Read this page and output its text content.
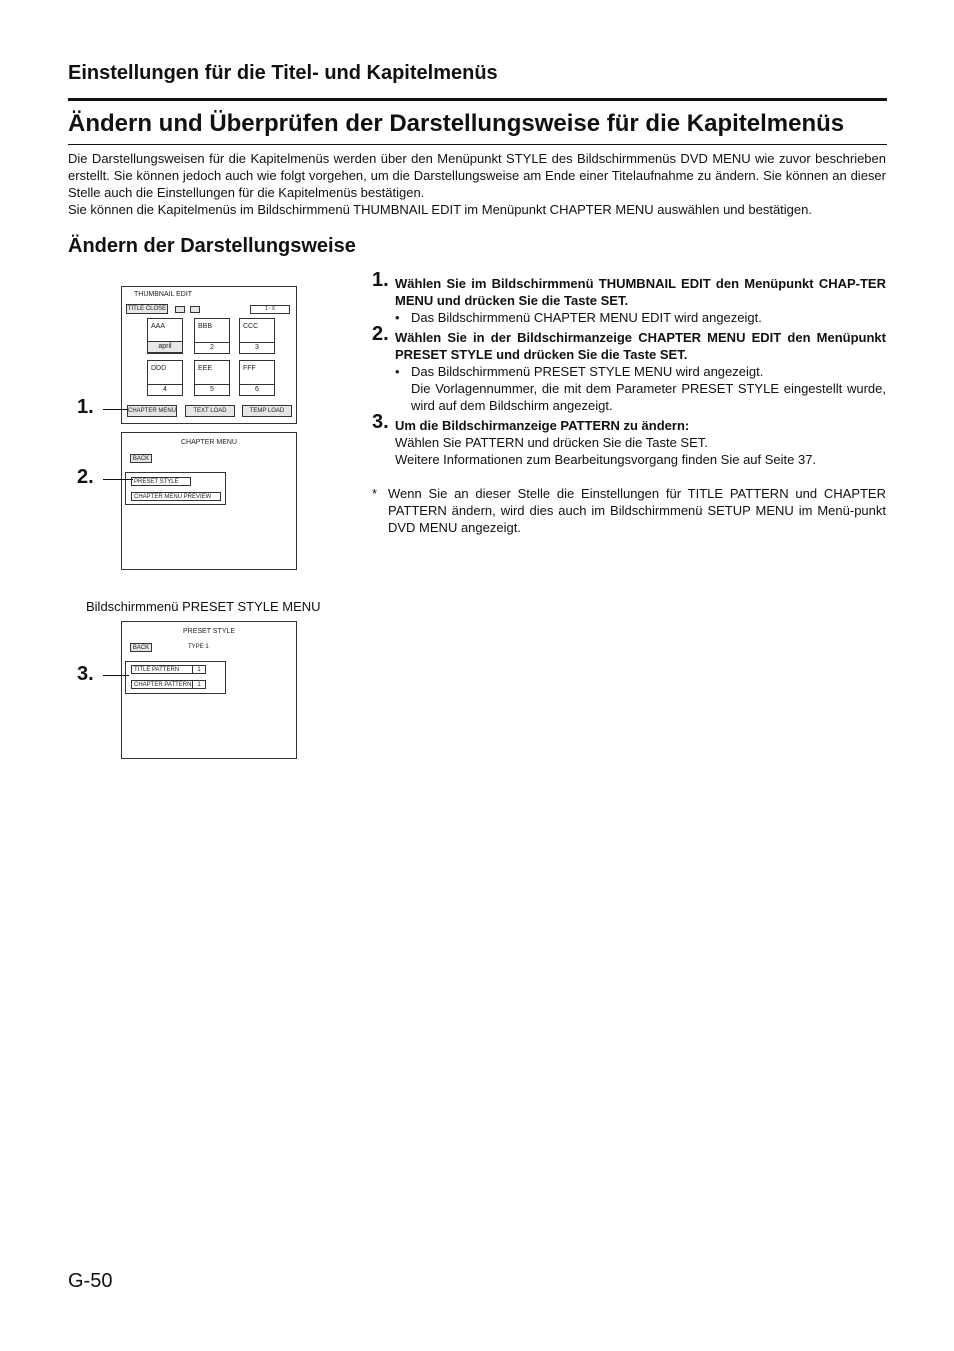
Einstellungen für die Titel- und Kapitelmenüs
Ändern und Überprüfen der Darstellungsweise für die Kapitelmenüs

Die Darstellungsweisen für die Kapitelmenüs werden über den Menüpunkt STYLE des Bildschirmmenüs DVD MENU wie zuvor beschrieben erstellt. Sie können jedoch auch wie folgt vorgehen, um die Darstellungsweise am Ende einer Titelaufnahme zu ändern. Sie können an dieser Stelle auch die Einstellungen für die Kapitelmenüs bestätigen.

Sie können die Kapitelmenüs im Bildschirmmenü THUMBNAIL EDIT im Menüpunkt CHAPTER MENU auswählen und bestätigen.

Ändern der Darstellungsweise
THUMBNAIL EDIT
TITLE CLOSE	1 - 6
AAA
april
BBB
2
CCC
3
DDD
4
EEE
5
FFF
6
CHAPTER MENU	TEXT LOAD	TEMP LOAD
CHAPTER MENU
BACK
PRESET STYLE
CHAPTER MENU PREVIEW
Bildschirmmenü PRESET STYLE MENU
PRESET STYLE
BACK	TYPE 1
TITLE PATTERN	1
CHAPTER PATTERN 1
1.
2.
3.
1. Wählen Sie im Bildschirmmenü THUMBNAIL EDIT den Menüpunkt CHAP-TER MENU und drücken Sie die Taste SET.
• Das Bildschirmmenü CHAPTER MENU EDIT wird angezeigt.
2. Wählen Sie in der Bildschirmanzeige CHAPTER MENU EDIT den Menüpunkt PRESET STYLE und drücken Sie die Taste SET.
• Das Bildschirmmenü PRESET STYLE MENU wird angezeigt.
Die Vorlagennummer, die mit dem Parameter PRESET STYLE eingestellt wurde, wird auf dem Bildschirm angezeigt.
3. Um die Bildschirmanzeige PATTERN zu ändern:
Wählen Sie PATTERN und drücken Sie die Taste SET.
Weitere Informationen zum Bearbeitungsvorgang finden Sie auf Seite 37.
* Wenn Sie an dieser Stelle die Einstellungen für TITLE PATTERN und CHAPTER PATTERN ändern, wird dies auch im Bildschirmmenü SETUP MENU im Menü-punkt DVD MENU angezeigt.
G-50
